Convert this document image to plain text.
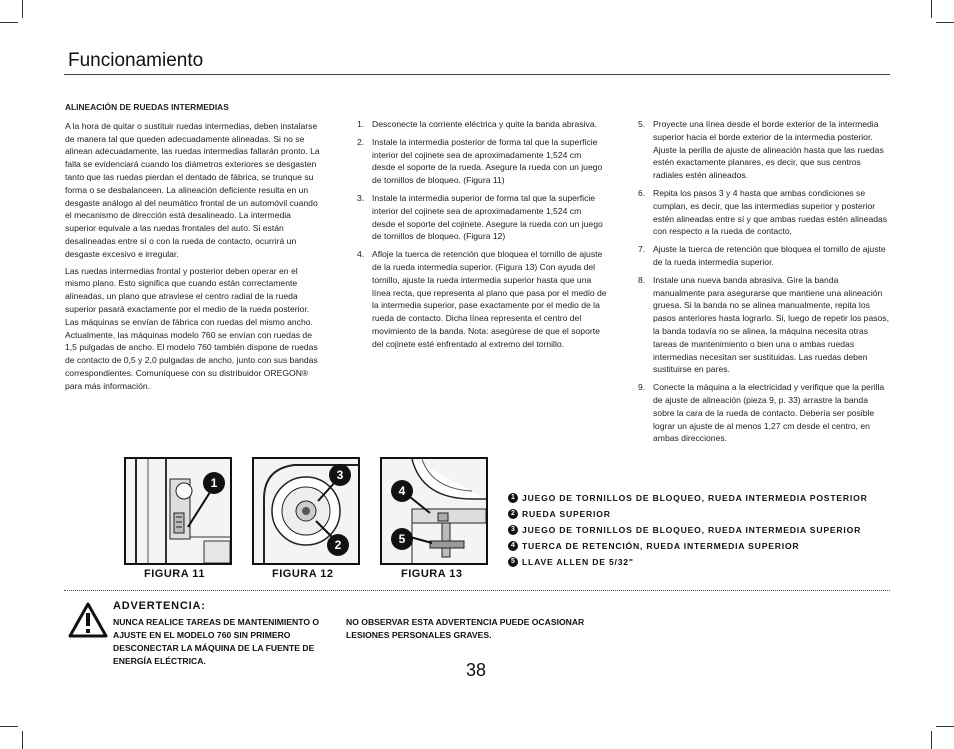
Funcionamiento
ALINEACIÓN DE RUEDAS INTERMEDIAS

A la hora de quitar o sustituir ruedas intermedias, deben instalarse de manera tal que queden adecuadamente alineadas. Si no se alinean adecuadamente, las ruedas intermedias fallarán pronto. La falla se evidenciará cuando los diámetros exteriores se desgasten tanto que las ruedas pierdan el dentado de fábrica, se trunque su forma o se desbalanceen. La alineación deficiente resulta en un desgaste análogo al del neumático frontal de un automóvil cuando el mecanismo de dirección está desalineado. La intermedia superior equivale a las ruedas frontales del auto. Si están desalineadas entre sí o con la rueda de contacto, ocurrirá un desgaste excesivo e irregular.

Las ruedas intermedias frontal y posterior deben operar en el mismo plano. Esto significa que cuando están correctamente alineadas, un plano que atraviese el centro radial de la rueda superior pasará exactamente por el medio de la rueda posterior. Las máquinas se envían de fábrica con ruedas del mismo ancho. Actualmente, las máquinas modelo 760 se envían con ruedas de 1,5 pulgadas de ancho. El modelo 760 también dispone de ruedas de contacto de 0,5 y 2,0 pulgadas de ancho, junto con sus bandas correspondientes. Comuníquese con su distribuidor OREGON® para más información.

1. Desconecte la corriente eléctrica y quite la banda abrasiva.
2. Instale la intermedia posterior de forma tal que la superficie interior del cojinete sea de aproximadamente 1,524 cm desde el soporte de la rueda. Asegure la rueda con un juego de tornillos de bloqueo. (Figura 11)
3. Instale la intermedia superior de forma tal que la superficie interior del cojinete sea de aproximadamente 1,524 cm desde el soporte del cojinete. Asegure la rueda con un juego de tornillos de bloqueo. (Figura 12)
4. Afloje la tuerca de retención que bloquea el tornillo de ajuste de la rueda intermedia superior. (Figura 13) Con ayuda del tornillo, ajuste la rueda intermedia superior hasta que una línea recta, que representa al plano que pasa por el medio de la intermedia superior, pase exactamente por el medio de la rueda de contacto. Dicha línea representa el centro del movimiento de la banda. Nota: asegúrese de que el soporte del cojinete esté enfrentado al extremo del tornillo.
5. Proyecte una línea desde el borde exterior de la intermedia superior hacia el borde exterior de la intermedia posterior. Ajuste la perilla de ajuste de alineación hasta que las ruedas estén exactamente planares, es decir, que sus centros radiales estén alineados.
6. Repita los pasos 3 y 4 hasta que ambas condiciones se cumplan, es decir, que las intermedias superior y posterior estén alineadas entre sí y que ambas ruedas estén alineadas con respecto a la rueda de contacto.
7. Ajuste la tuerca de retención que bloquea el tornillo de ajuste de la rueda intermedia superior.
8. Instale una nueva banda abrasiva. Gire la banda manualmente para asegurarse que mantiene una alineación gruesa. Si la banda no se alinea manualmente, repita los pasos anteriores hasta lograrlo. Si, luego de repetir los pasos, la banda todavía no se alinea, la máquina necesita otras tareas de mantenimiento o bien una o ambas ruedas intermedias necesitan ser sustituidas. Las ruedas deben sustituirse en pares.
9. Conecte la máquina a la electricidad y verifique que la perilla de ajuste de alineación (pieza 9, p. 33) arrastre la banda sobre la cara de la rueda de contacto. Debería ser posible lograr un ajuste de al menos 1,27 cm desde el centro, en ambas direcciones.
1
FIGURA 11
3
2
FIGURA 12
4
5
FIGURA 13
1 JUEGO DE TORNILLOS DE BLOQUEO, RUEDA INTERMEDIA POSTERIOR
2 RUEDA SUPERIOR
3 JUEGO DE TORNILLOS DE BLOQUEO, RUEDA INTERMEDIA SUPERIOR
4 TUERCA DE RETENCIÓN, RUEDA INTERMEDIA SUPERIOR
5 LLAVE ALLEN DE 5/32"
ADVERTENCIA:
NUNCA REALICE TAREAS DE MANTENIMIENTO O AJUSTE EN EL MODELO 760 SIN PRIMERO DESCONECTAR LA MÁQUINA DE LA FUENTE DE ENERGÍA ELÉCTRICA.
NO OBSERVAR ESTA ADVERTENCIA PUEDE OCASIONAR LESIONES PERSONALES GRAVES.
38
